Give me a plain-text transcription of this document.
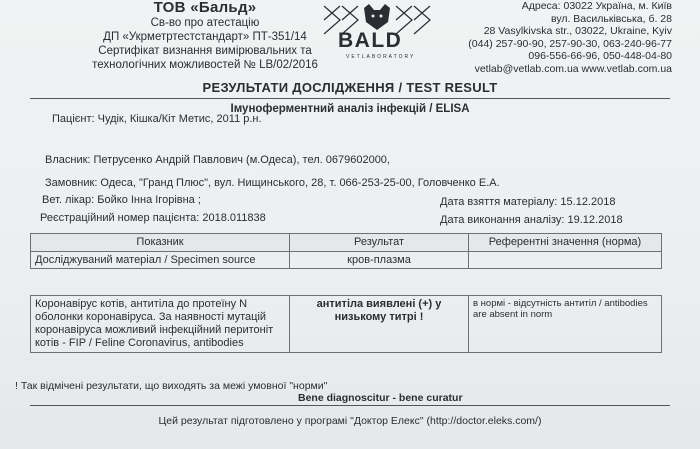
ТОВ «Бальд»
Св-во про атестацію
ДП «Укрметртестстандарт» ПТ-351/14
Сертифікат визнання вимірювальних та
технологічних можливостей № LB/02/2016
BALD
VETLABORATORY
Адреса: 03022 Україна, м. Київ
вул. Васильківська, б. 28
28 Vasylkivska str., 03022, Ukraine, Kyiv
(044) 257-90-90, 257-90-30, 063-240-96-77
096-556-66-96, 050-448-04-80
vetlab@vetlab.com.ua www.vetlab.com.ua
РЕЗУЛЬТАТИ ДОСЛІДЖЕННЯ / TEST RESULT
Імуноферментний аналіз інфекцій / ELISA
Пацієнт: Чудік, Кішка/Кіт Метис, 2011 р.н.
Власник: Петрусенко Андрій Павлович (м.Одеса), тел. 0679602000,
Замовник: Одеса, "Гранд Плюс", вул. Нищинського, 28, т. 066-253-25-00, Головченко Е.А.
Вет. лікар: Бойко Інна Ігорівна ;	Дата взяття матеріалу: 15.12.2018
Реєстраційний номер пацієнта: 2018.011838	Дата виконання аналізу: 19.12.2018
Показник	Результат	Референтні значення (норма)
Досліджуваний матеріал / Specimen source	кров-плазма	

Коронавірус котів, антитіла до протеїну N оболонки коронавіруса. За наявності мутацій коронавіруса можливий інфекційний перитоніт котів - FIP / Feline Coronavirus, antibodies	антитіла виявлені (+) у низькому титрі !	в нормі - відсутність антитіл / antibodies are absent in norm
! Так відмічені результати, що виходять за межі умовної "норми"
Bene diagnoscitur - bene curatur
Цей результат підготовлено у програмі "Доктор Елекс" (http://doctor.eleks.com/)
